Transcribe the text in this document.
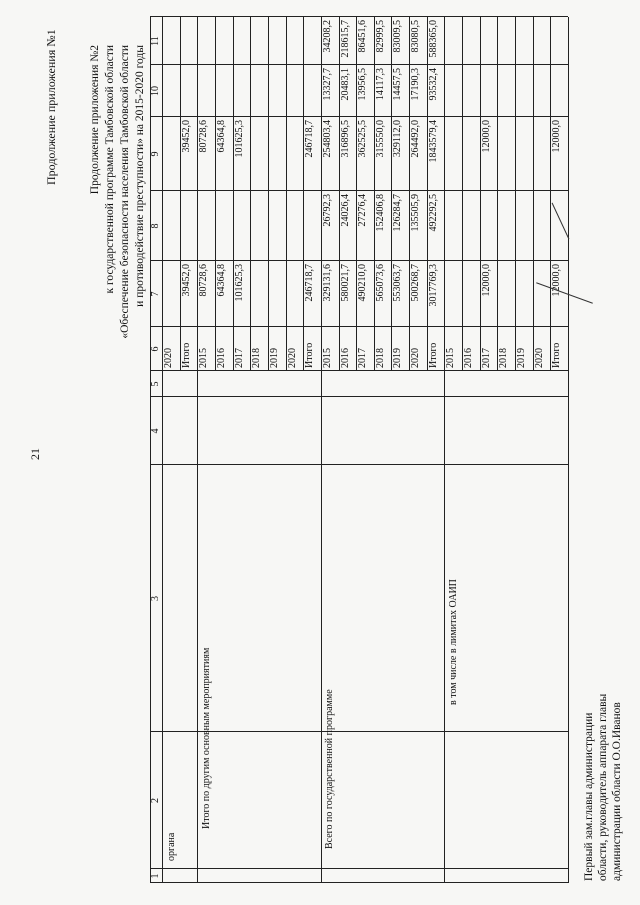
21
Продолжение приложения №1	Продолжение приложения №2 к государственной программе Тамбовской области «Обеспечение безопасности населения Тамбовской области и противодействие преступности» на 2015-2020 годы
1
2
3
4
5
6
7
8
9
10
11
2020 Итого
39452,0
39452,0
2015
80728,6
80728,6
2016
64364,8
64364,8
2017
101625,3
101625,3
2018 2019 2020 Итого
246718,7
246718,7
2015
329131,6
26792,3
254803,4
13327,7
34208,2
2016
580021,7
24026,4
316896,5
20483,1
218615,7
2017
490210,0
27276,4
362525,5
13956,5
86451,6
2018
565073,6
152406,8
315550,0
14117,3
82999,5
2019
553063,7
126284,7
329112,0
14457,5
83009,5
2020
500268,7
135505,9
264492,0
17190,3
83080,5
Итого
3017769,3
492292,5
1843579,4
93532,4
588365,0
2015 2016 2017
12000,0
12000,0
2018 2019 2020 Итого
12000,0
12000,0
органа
Итого по другим основным мероприятиям	Всего по государственной программе
в том числе в лимитах ОАИП
Первый зам.главы администрации области, руководитель аппарата главы администрации области О.О.Иванов
